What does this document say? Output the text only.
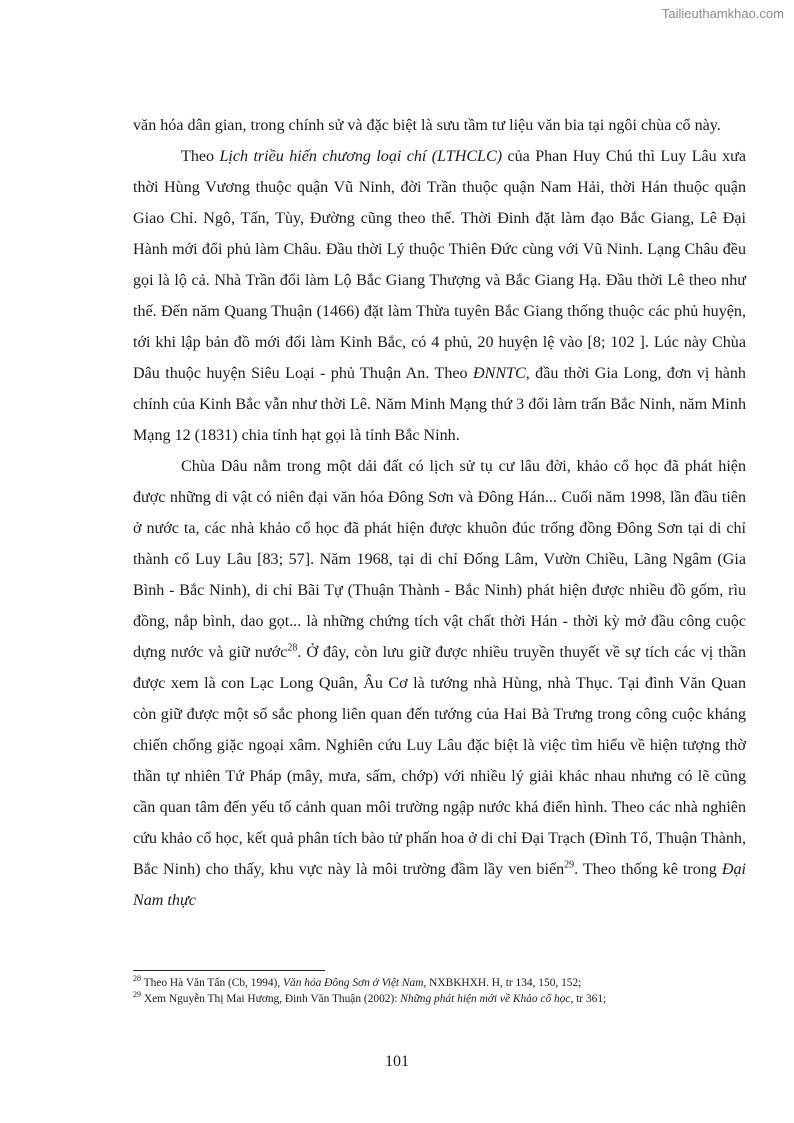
Tailieuthamkhao.com

văn hóa dân gian, trong chính sử và đặc biệt là sưu tầm tư liệu văn bia tại ngôi chùa cổ này.

Theo Lịch triều hiến chương loại chí (LTHCLC) của Phan Huy Chú thì Luy Lâu xưa thời Hùng Vương thuộc quận Vũ Ninh, đời Trần thuộc quận Nam Hải, thời Hán thuộc quận Giao Chỉ. Ngô, Tấn, Tùy, Đường cũng theo thế. Thời Đinh đặt làm đạo Bắc Giang, Lê Đại Hành mới đổi phủ làm Châu. Đầu thời Lý thuộc Thiên Đức cùng với Vũ Ninh. Lạng Châu đều gọi là lộ cả. Nhà Trần đổi làm Lộ Bắc Giang Thượng và Bắc Giang Hạ. Đầu thời Lê theo như thế. Đến năm Quang Thuận (1466) đặt làm Thừa tuyên Bắc Giang thống thuộc các phủ huyện, tới khi lập bản đồ mới đổi làm Kinh Bắc, có 4 phủ, 20 huyện lệ vào [8; 102 ]. Lúc này Chùa Dâu thuộc huyện Siêu Loại - phủ Thuận An. Theo ĐNNTC, đầu thời Gia Long, đơn vị hành chính của Kinh Bắc vẫn như thời Lê. Năm Minh Mạng thứ 3 đổi làm trấn Bắc Ninh, năm Minh Mạng 12 (1831) chia tỉnh hạt gọi là tỉnh Bắc Ninh.

Chùa Dâu nằm trong một dải đất có lịch sử tụ cư lâu đời, khảo cổ học đã phát hiện được những di vật có niên đại văn hóa Đông Sơn và Đông Hán... Cuối năm 1998, lần đầu tiên ở nước ta, các nhà khảo cổ học đã phát hiện được khuôn đúc trống đồng Đông Sơn tại di chỉ thành cổ Luy Lâu [83; 57]. Năm 1968, tại di chỉ Đống Lâm, Vườn Chiều, Lãng Ngâm (Gia Bình - Bắc Ninh), di chỉ Bãi Tự (Thuận Thành - Bắc Ninh) phát hiện được nhiều đồ gốm, rìu đồng, nắp bình, dao gọt... là những chứng tích vật chất thời Hán - thời kỳ mở đầu công cuộc dựng nước và giữ nước$^{28}$. Ở đây, còn lưu giữ được nhiều truyền thuyết về sự tích các vị thần được xem là con Lạc Long Quân, Âu Cơ là tướng nhà Hùng, nhà Thục. Tại đình Văn Quan còn giữ được một số sắc phong liên quan đến tướng của Hai Bà Trưng trong công cuộc kháng chiến chống giặc ngoại xâm. Nghiên cứu Luy Lâu đặc biệt là việc tìm hiểu về hiện tượng thờ thần tự nhiên Tứ Pháp (mây, mưa, sấm, chớp) với nhiều lý giải khác nhau nhưng có lẽ cũng cần quan tâm đến yếu tố cảnh quan môi trường ngập nước khá điển hình. Theo các nhà nghiên cứu khảo cổ học, kết quả phân tích bào tử phấn hoa ở di chỉ Đại Trạch (Đình Tổ, Thuận Thành, Bắc Ninh) cho thấy, khu vực này là môi trường đầm lầy ven biển$^{29}$. Theo thống kê trong Đại Nam thực

$^{28}$ Theo Hà Văn Tấn (Cb, 1994), Văn hóa Đông Sơn ở Việt Nam, NXBKHXH. H, tr 134, 150, 152;

$^{29}$ Xem Nguyễn Thị Mai Hương, Đinh Văn Thuận (2002): Những phát hiện mới về Khảo cổ học, tr 361;

101
